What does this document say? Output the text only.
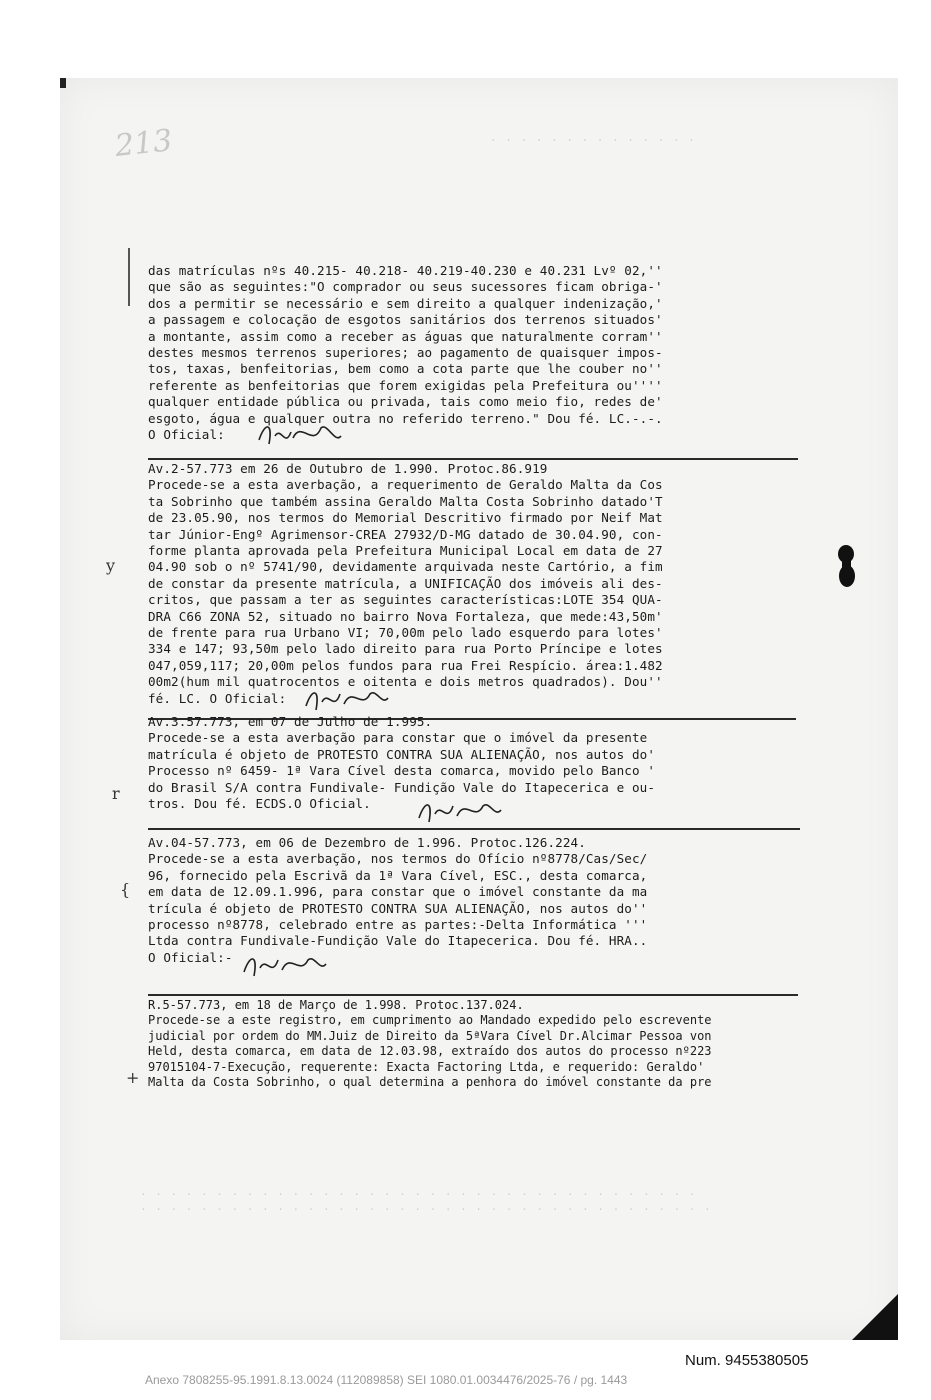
213	· · · · · · · · · · · · · ·
· · · · · · · · · · · · · · · · · · · · · · · · · · · · · · · · · · · · ·
· · · · · · · · · · · · · · · · · · · · · · · · · · · · · · · · · · · · · ·
das matrículas nºs 40.215- 40.218- 40.219-40.230 e 40.231 Lvº 02,''
que são as seguintes:"O comprador ou seus sucessores ficam obriga-'
dos a permitir se necessário e sem direito a qualquer indenização,'
a passagem e colocação de esgotos sanitários dos terrenos situados'
a montante, assim como a receber as águas que naturalmente corram''
destes mesmos terrenos superiores; ao pagamento de quaisquer impos-
tos, taxas, benfeitorias, bem como a cota parte que lhe couber no''
referente as benfeitorias que forem exigidas pela Prefeitura ou''''
qualquer entidade pública ou privada, tais como meio fio, redes de'
esgoto, água e qualquer outra no referido terreno." Dou fé. LC.-.-.
O Oficial:
Av.2-57.773 em 26 de Outubro de 1.990. Protoc.86.919
Procede-se a esta averbação, a requerimento de Geraldo Malta da Cos
ta Sobrinho que também assina Geraldo Malta Costa Sobrinho datado'T
de 23.05.90, nos termos do Memorial Descritivo firmado por Neif Mat
tar Júnior-Engº Agrimensor-CREA 27932/D-MG datado de 30.04.90, con-
forme planta aprovada pela Prefeitura Municipal Local em data de 27
04.90 sob o nº 5741/90, devidamente arquivada neste Cartório, a fim
de constar da presente matrícula, a UNIFICAÇÃO dos imóveis ali des-
critos, que passam a ter as seguintes características:LOTE 354 QUA-
DRA C66 ZONA 52, situado no bairro Nova Fortaleza, que mede:43,50m'
de frente para rua Urbano VI; 70,00m pelo lado esquerdo para lotes'
334 e 147; 93,50m pelo lado direito para rua Porto Príncipe e lotes
047,059,117; 20,00m pelos fundos para rua Frei Respício. área:1.482
00m2(hum mil quatrocentos e oitenta e dois metros quadrados). Dou''
fé. LC. O Oficial:
Av.3.57.773, em 07 de Julho de 1.995.
Procede-se a esta averbação para constar que o imóvel da presente
matrícula é objeto de PROTESTO CONTRA SUA ALIENAÇÃO, nos autos do'
Processo nº 6459- 1ª Vara Cível desta comarca, movido pelo Banco '
do Brasil S/A contra Fundivale- Fundição Vale do Itapecerica e ou-
tros. Dou fé. ECDS.O Oficial.
Av.04-57.773, em 06 de Dezembro de 1.996. Protoc.126.224.
Procede-se a esta averbação, nos termos do Ofício nº8778/Cas/Sec/
96, fornecido pela Escrivã da 1ª Vara Cível, ESC., desta comarca,
em data de 12.09.1.996, para constar que o imóvel constante da ma
trícula é objeto de PROTESTO CONTRA SUA ALIENAÇÃO, nos autos do''
processo nº8778, celebrado entre as partes:-Delta Informática '''
Ltda contra Fundivale-Fundição Vale do Itapecerica. Dou fé. HRA..
O Oficial:-
R.5-57.773, em 18 de Março de 1.998. Protoc.137.024.
Procede-se a este registro, em cumprimento ao Mandado expedido pelo escrevente
judicial por ordem do MM.Juiz de Direito da 5ªVara Cível Dr.Alcimar Pessoa von
Held, desta comarca, em data de 12.03.98, extraído dos autos do processo nº223
97015104-7-Execução, requerente: Exacta Factoring Ltda, e requerido: Geraldo'
Malta da Costa Sobrinho, o qual determina a penhora do imóvel constante da pre
y
r
{
+
Num. 9455380505
Anexo 7808255-95.1991.8.13.0024 (112089858) SEI 1080.01.0034476/2025-76 / pg. 1443
